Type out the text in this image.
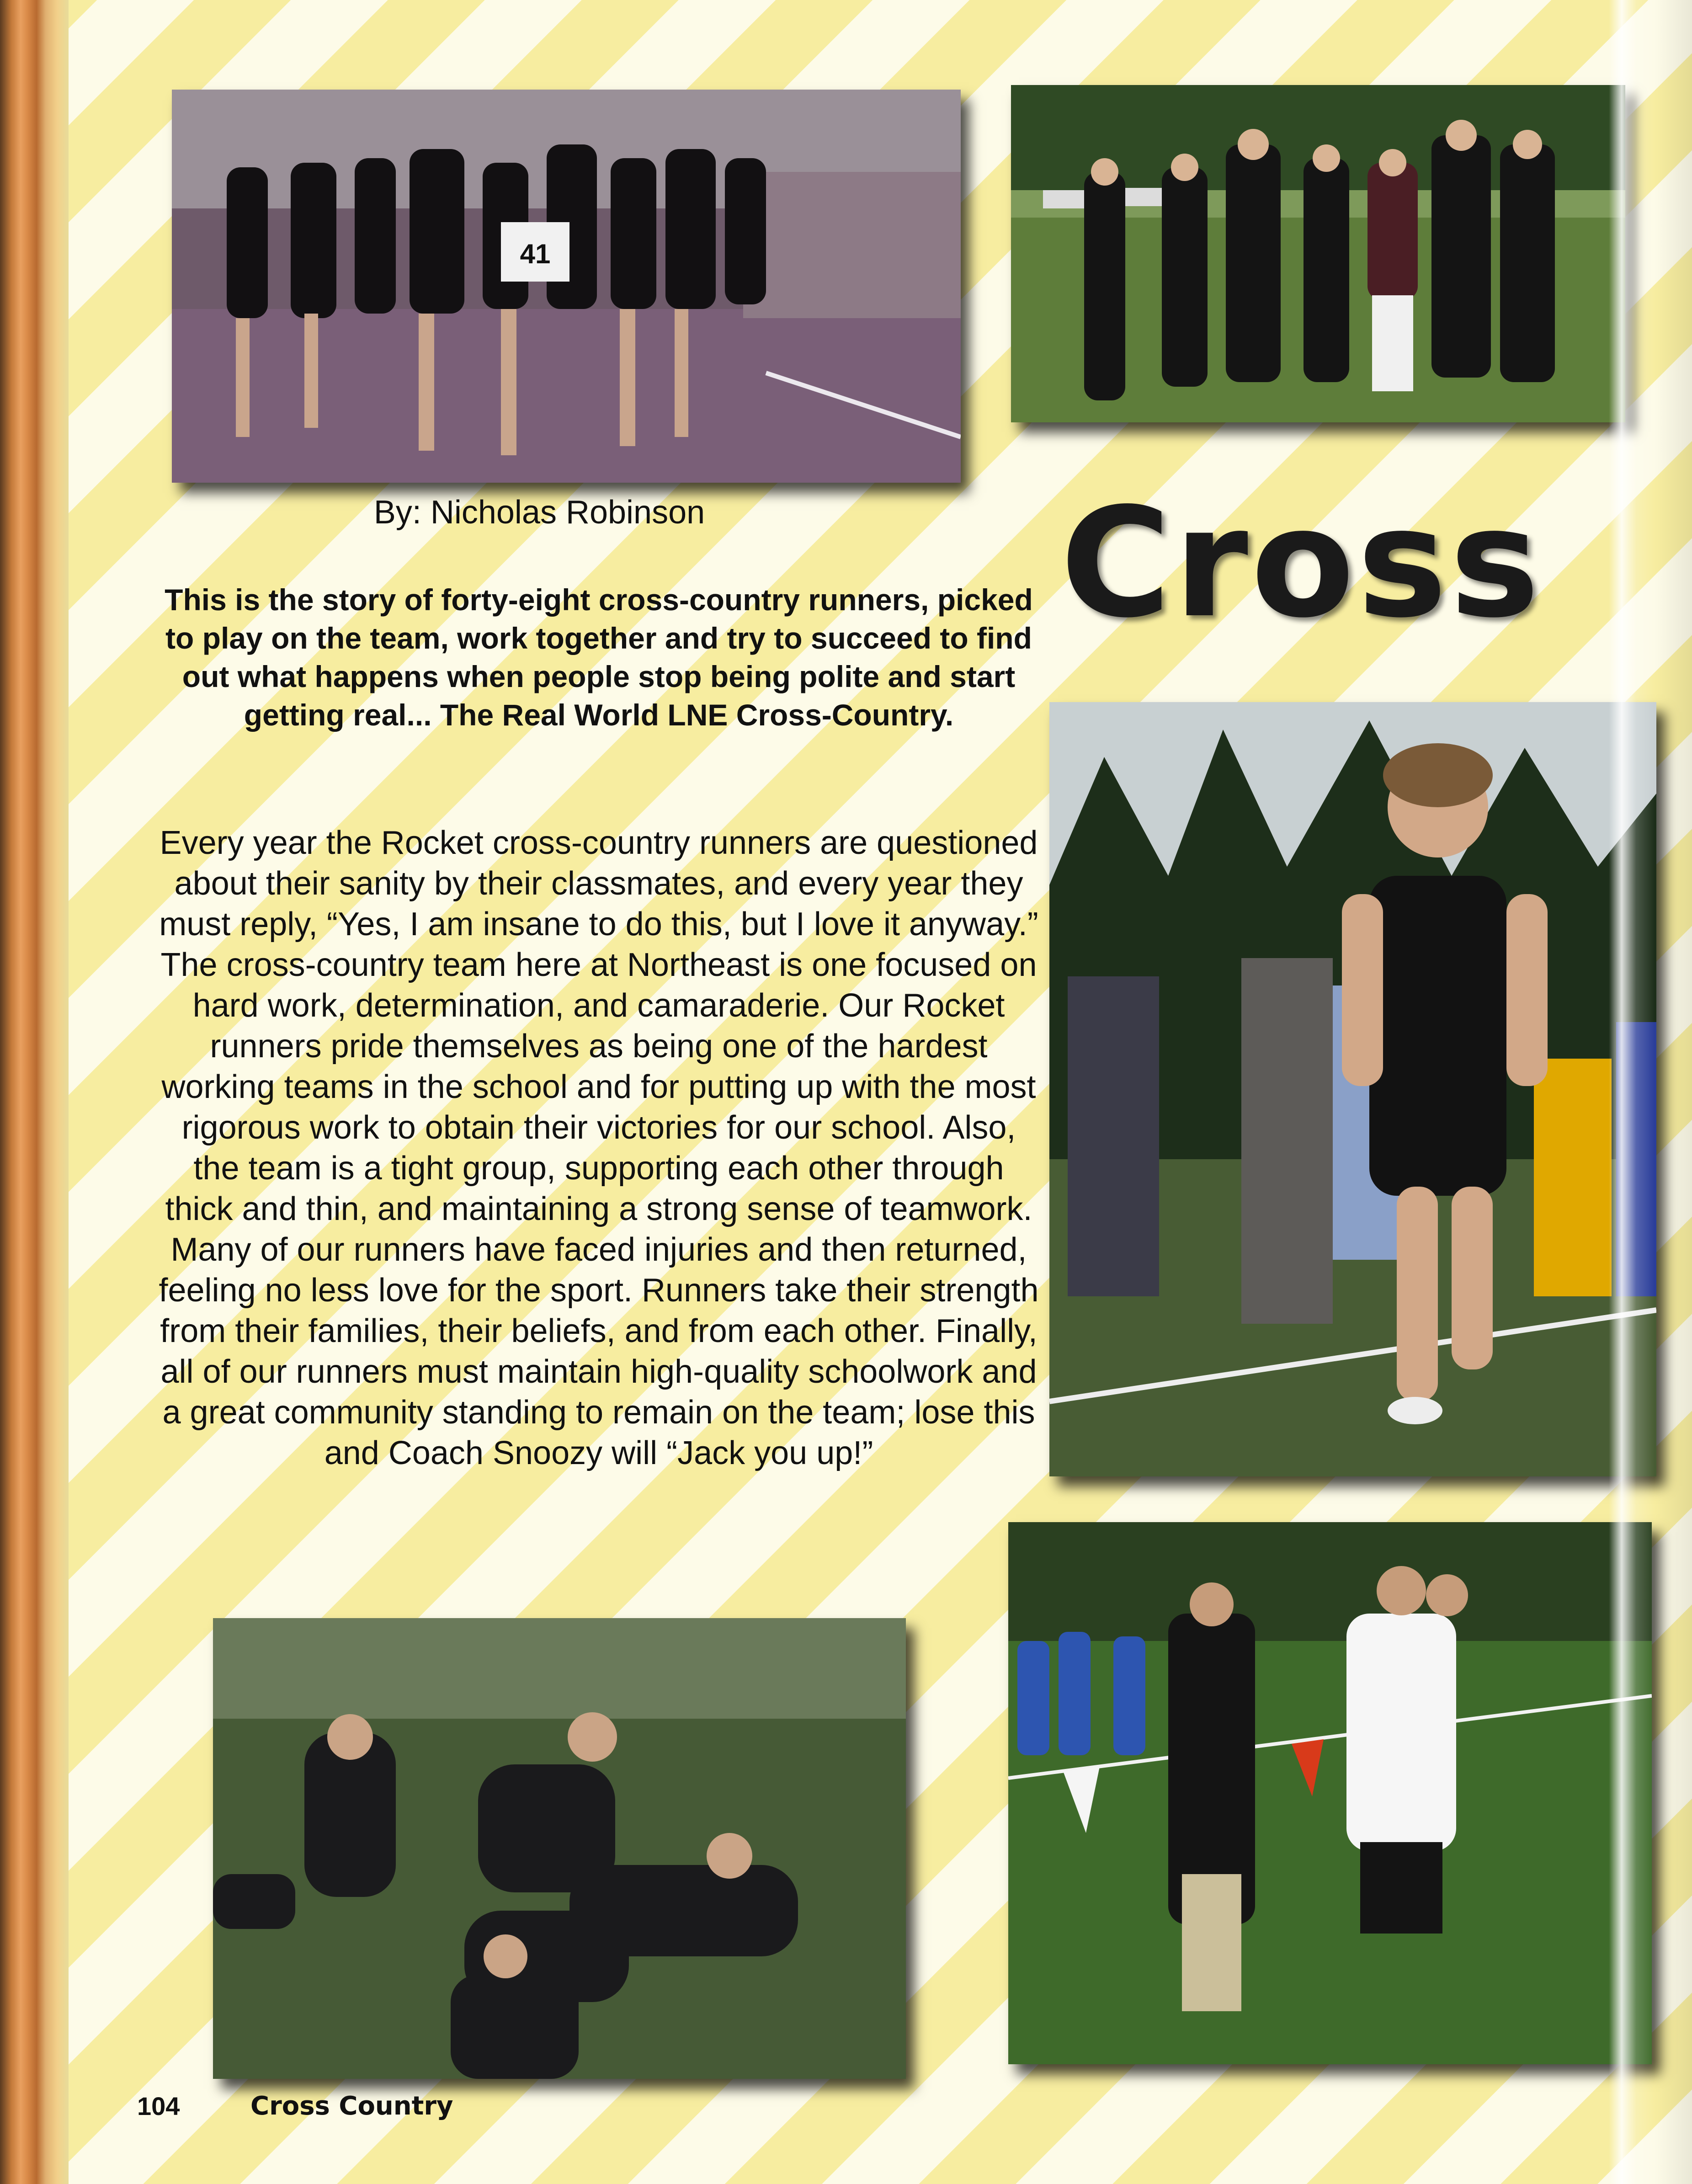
41
Cross
By: Nicholas Robinson
This is the story of forty-eight cross-country runners, picked to play on the team, work together and try to succeed to find out what happens when people stop being polite and start getting real... The Real World LNE Cross-Country.
Every year the Rocket cross-country runners are questioned about their sanity by their classmates, and every year they must reply, “Yes, I am insane to do this, but I love it anyway.” The cross-country team here at Northeast is one focused on hard work, determination, and camaraderie. Our Rocket runners pride themselves as being one of the hardest working teams in the school and for putting up with the most rigorous work to obtain their victories for our school. Also, the team is a tight group, supporting each other through thick and thin, and maintaining a strong sense of teamwork. Many of our runners have faced injuries and then returned, feeling no less love for the sport. Runners take their strength from their families, their beliefs, and from each other. Finally, all of our runners must maintain high-quality schoolwork and a great community standing to remain on the team; lose this and Coach Snoozy will “Jack you up!”
104	Cross Country
